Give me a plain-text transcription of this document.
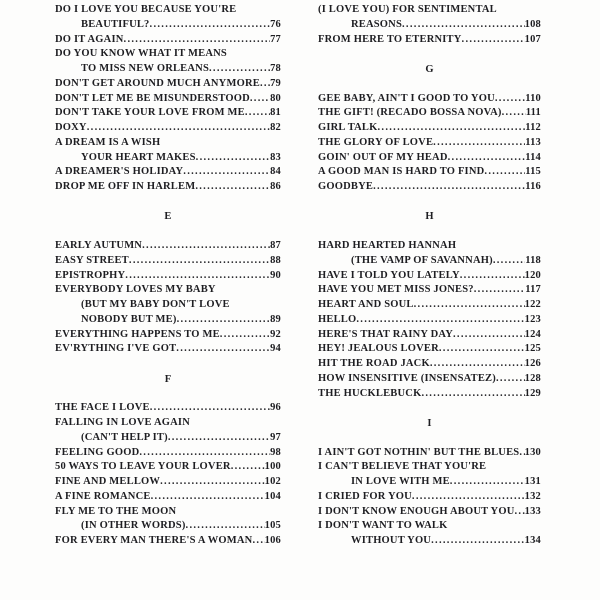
DO I LOVE YOU BECAUSE YOU'RE
BEAUTIFUL? .....	76
DO IT AGAIN .....	77
DO YOU KNOW WHAT IT MEANS
TO MISS NEW ORLEANS .....	78
DON'T GET AROUND MUCH ANYMORE ..... 79
DON'T LET ME BE MISUNDERSTOOD ..... 80
DON'T TAKE YOUR LOVE FROM ME ..... 81
DOXY .....	82
A DREAM IS A WISH
YOUR HEART MAKES .....	83
A DREAMER'S HOLIDAY .....	84
DROP ME OFF IN HARLEM .....	86
E
EARLY AUTUMN .....	87
EASY STREET .....	88
EPISTROPHY .....	90
EVERYBODY LOVES MY BABY
(BUT MY BABY DON'T LOVE
NOBODY BUT ME) .....	89
EVERYTHING HAPPENS TO ME .....	92
EV'RYTHING I'VE GOT .....	94
F
THE FACE I LOVE .....	96
FALLING IN LOVE AGAIN
(CAN'T HELP IT) .....	97
FEELING GOOD .....	98
50 WAYS TO LEAVE YOUR LOVER .....	100
FINE AND MELLOW .....	102
A FINE ROMANCE .....	104
FLY ME TO THE MOON
(IN OTHER WORDS) .....	105
FOR EVERY MAN THERE'S A WOMAN ..... 106
(I LOVE YOU) FOR SENTIMENTAL
REASONS .....	108
FROM HERE TO ETERNITY .....	107
G
GEE BABY, AIN'T I GOOD TO YOU .....	110
THE GIFT! (RECADO BOSSA NOVA) ..... 111
GIRL TALK .....	112
THE GLORY OF LOVE .....	113
GOIN' OUT OF MY HEAD .....	114
A GOOD MAN IS HARD TO FIND .....	115
GOODBYE .....	116
H
HARD HEARTED HANNAH
(THE VAMP OF SAVANNAH) .....	118
HAVE I TOLD YOU LATELY .....	120
HAVE YOU MET MISS JONES? .....	117
HEART AND SOUL .....	122
HELLO .....	123
HERE'S THAT RAINY DAY .....	124
HEY! JEALOUS LOVER .....	125
HIT THE ROAD JACK .....	126
HOW INSENSITIVE (INSENSATEZ) .....	128
THE HUCKLEBUCK .....	129
I
I AIN'T GOT NOTHIN' BUT THE BLUES ..... 130
I CAN'T BELIEVE THAT YOU'RE
IN LOVE WITH ME .....	131
I CRIED FOR YOU .....	132
I DON'T KNOW ENOUGH ABOUT YOU ..... 133
I DON'T WANT TO WALK
WITHOUT YOU .....	134
